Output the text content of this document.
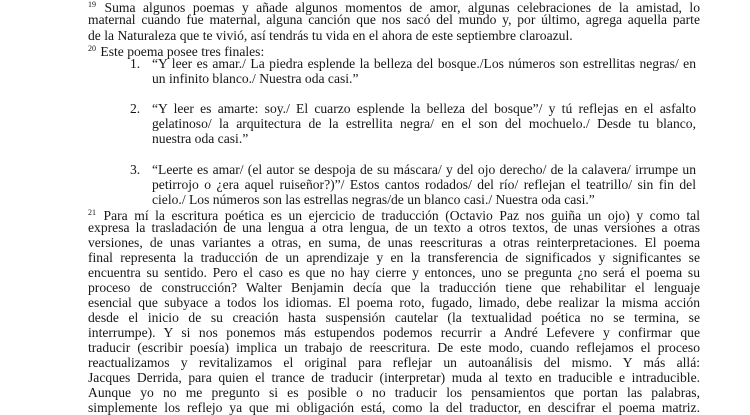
$^{19}$ Suma algunos poemas y añade algunos momentos de amor, algunas celebraciones de la amistad, lo
maternal cuando fue maternal, alguna canción que nos sacó del mundo y, por último, agrega aquella parte
de la Naturaleza que te vivió, así tendrás tu vida en el ahora de este septiembre claroazul.
$^{20}$ Este poema posee tres finales:
1. “Y leer es amar./ La piedra esplende la belleza del bosque./Los números son estrellitas negras/ en
un infinito blanco./ Nuestra oda casi.”
2. “Y leer es amarte: soy./ El cuarzo esplende la belleza del bosque”/ y tú reflejas en el asfalto
gelatinoso/ la arquitectura de la estrellita negra/ en el son del mochuelo./ Desde tu blanco,
nuestra oda casi.”
3. “Leerte es amar/ (el autor se despoja de su máscara/ y del ojo derecho/ de la calavera/ irrumpe un
petirrojo o ¿era aquel ruiseñor?)”/ Estos cantos rodados/ del río/ reflejan el teatrillo/ sin fin del
cielo./ Los números son las estrellas negras/de un blanco casi./ Nuestra oda casi.”
$^{21}$ Para mí la escritura poética es un ejercicio de traducción (Octavio Paz nos guiña un ojo) y como tal
expresa la trasladación de una lengua a otra lengua, de un texto a otros textos, de unas versiones a otras
versiones, de unas variantes a otras, en suma, de unas reescrituras a otras reinterpretaciones. El poema
final representa la traducción de un aprendizaje y en la transferencia de significados y significantes se
encuentra su sentido. Pero el caso es que no hay cierre y entonces, uno se pregunta ¿no será el poema su
proceso de construcción? Walter Benjamin decía que la traducción tiene que rehabilitar el lenguaje
esencial que subyace a todos los idiomas. El poema roto, fugado, limado, debe realizar la misma acción
desde el inicio de su creación hasta suspensión cautelar (la textualidad poética no se termina, se
interrumpe). Y si nos ponemos más estupendos podemos recurrir a André Lefevere y confirmar que
traducir (escribir poesía) implica un trabajo de reescritura. De este modo, cuando reflejamos el proceso
reactualizamos y revitalizamos el original para reflejar un autoanálisis del mismo. Y más allá:
Jacques Derrida, para quien el trance de traducir (interpretar) muda al texto en traducible e intraducible.
Aunque yo no me pregunto si es posible o no traducir los pensamientos que portan las palabras,
simplemente los reflejo ya que mi obligación está, como la del traductor, en descifrar el poema matriz.
